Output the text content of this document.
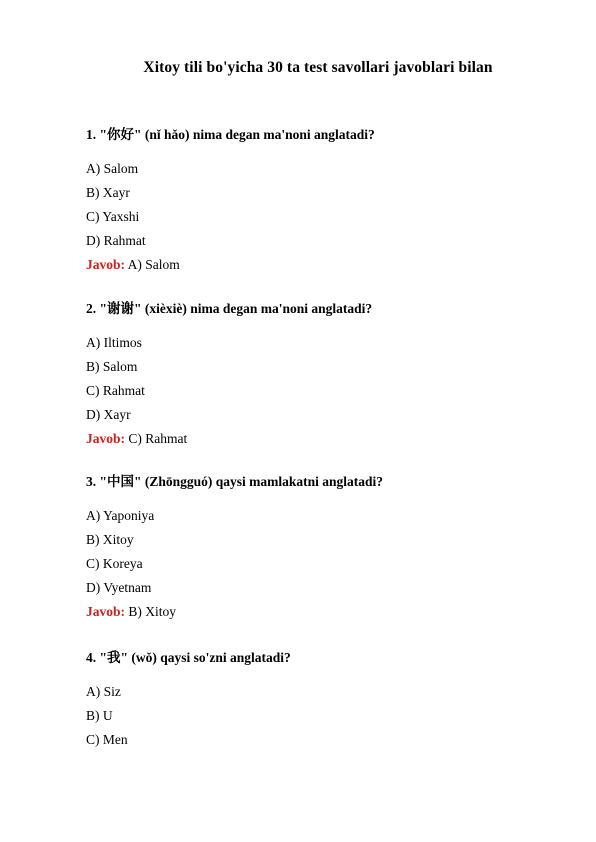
Xitoy tili bo'yicha 30 ta test savollari javoblari bilan
1. "你好" (nǐ hǎo) nima degan ma'noni anglatadi?
A) Salom
B) Xayr
C) Yaxshi
D) Rahmat
Javob: A) Salom
2. "谢谢" (xièxiè) nima degan ma'noni anglatadi?
A) Iltimos
B) Salom
C) Rahmat
D) Xayr
Javob: C) Rahmat
3. "中国" (Zhōngguó) qaysi mamlakatni anglatadi?
A) Yaponiya
B) Xitoy
C) Koreya
D) Vyetnam
Javob: B) Xitoy
4. "我" (wǒ) qaysi so'zni anglatadi?
A) Siz
B) U
C) Men
